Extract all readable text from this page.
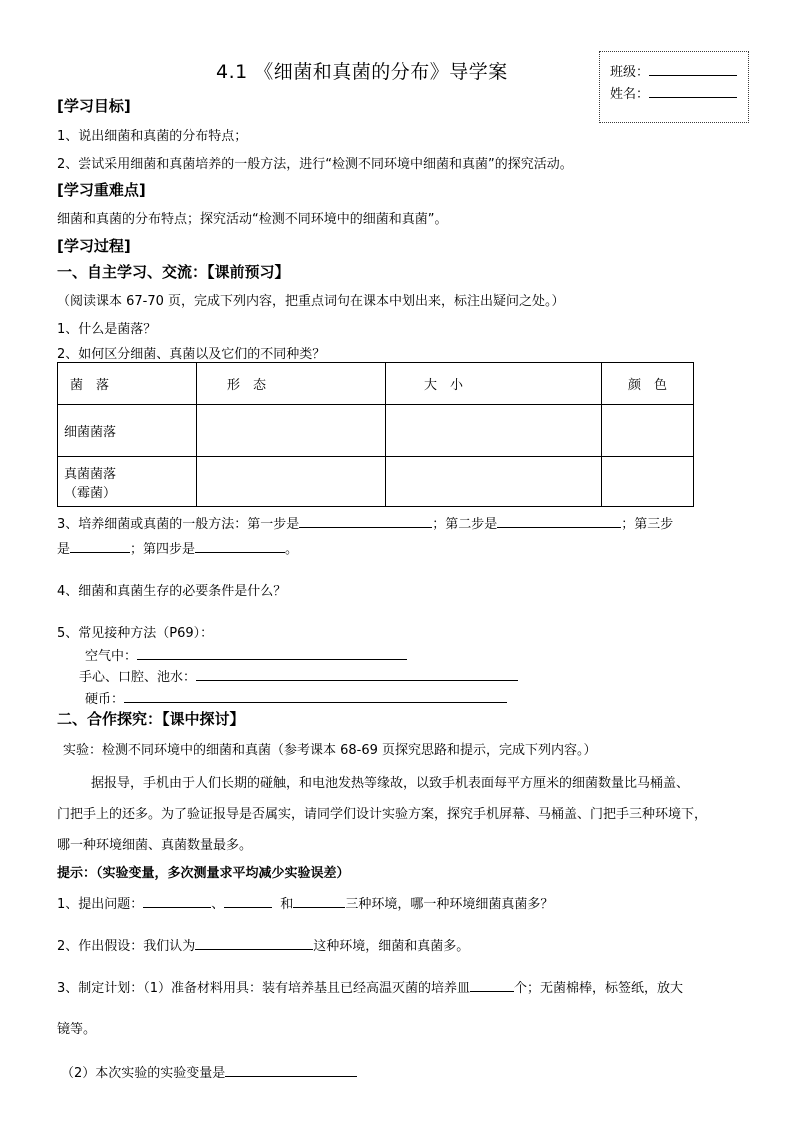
4.1 《细菌和真菌的分布》导学案	班级：
姓名：
[学习目标]
1、说出细菌和真菌的分布特点；
2、尝试采用细菌和真菌培养的一般方法，进行“检测不同环境中细菌和真菌”的探究活动。
[学习重难点]
细菌和真菌的分布特点；探究活动“检测不同环境中的细菌和真菌”。
[学习过程]
一、自主学习、交流：【课前预习】
（阅读课本 67-70 页，完成下列内容，把重点词句在课本中划出来，标注出疑问之处。）
1、什么是菌落？
2、如何区分细菌、真菌以及它们的不同种类？
菌　落	形　态	大　小	颜　色
细菌菌落			

真菌菌落
（霉菌）			

3、培养细菌或真菌的一般方法：第一步是	；第二步是	；第三步
是	；第四步是	。
4、细菌和真菌生存的必要条件是什么？
5、常见接种方法（P69）：
空气中：
手心、口腔、池水：
硬币：
二、合作探究：【课中探讨】
实验：检测不同环境中的细菌和真菌（参考课本 68-69 页探究思路和提示，完成下列内容。）
据报导，手机由于人们长期的碰触，和电池发热等缘故，以致手机表面每平方厘米的细菌数量比马桶盖、
门把手上的还多。为了验证报导是否属实，请同学们设计实验方案，探究手机屏幕、马桶盖、门把手三种环境下，
哪一种环境细菌、真菌数量最多。
提示：（实验变量，多次测量求平均减少实验误差）
1、提出问题：	、	和	三种环境，哪一种环境细菌真菌多？
2、作出假设：我们认为	这种环境，细菌和真菌多。
3、制定计划：（1）准备材料用具：装有培养基且已经高温灭菌的培养皿	个；无菌棉棒，标签纸，放大
镜等。
（2）本次实验的实验变量是
